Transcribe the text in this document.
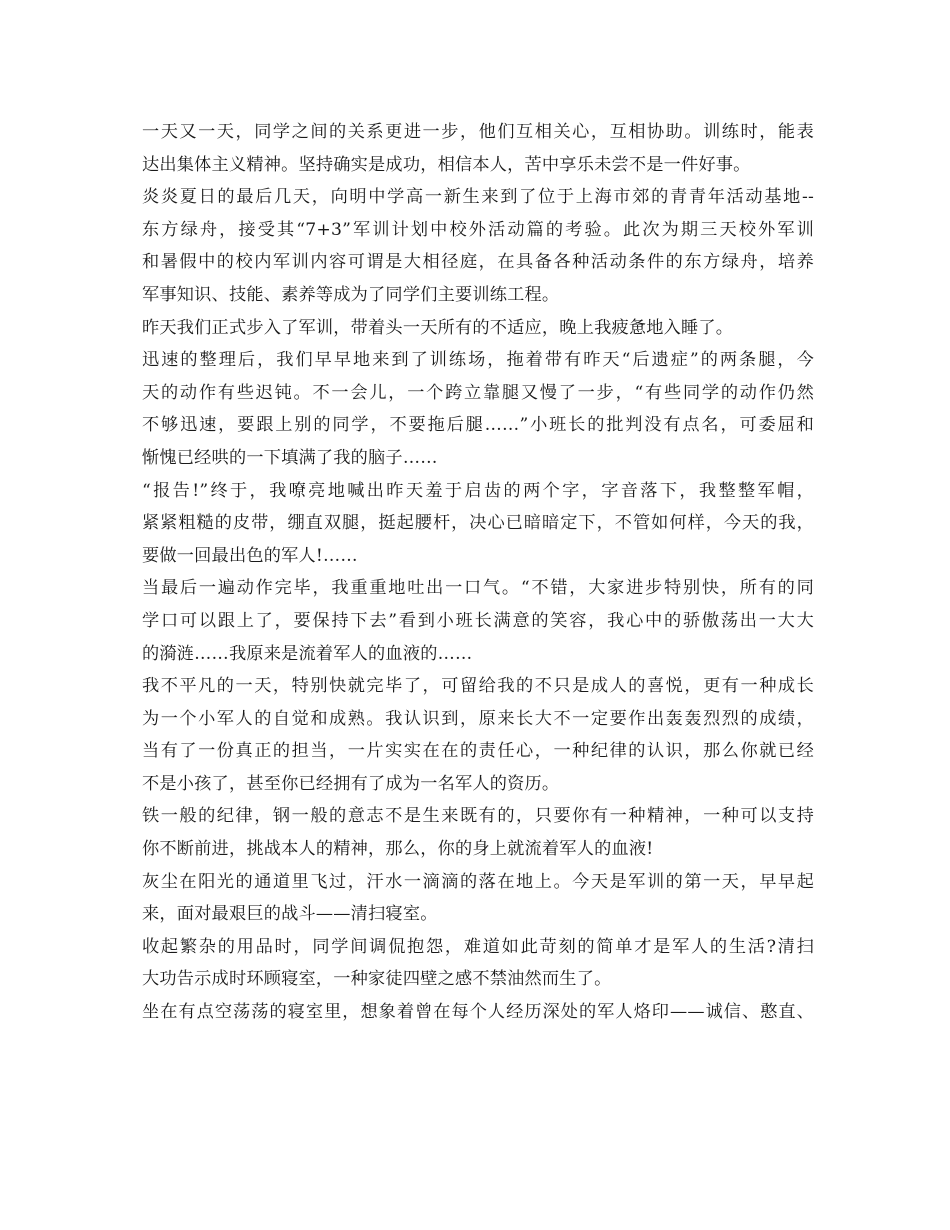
一天又一天，同学之间的关系更进一步，他们互相关心，互相协助。训练时，能表
达出集体主义精神。坚持确实是成功，相信本人，苦中享乐未尝不是一件好事。
炎炎夏日的最后几天，向明中学高一新生来到了位于上海市郊的青青年活动基地--
东方绿舟，接受其“7+3”军训计划中校外活动篇的考验。此次为期三天校外军训
和暑假中的校内军训内容可谓是大相径庭，在具备各种活动条件的东方绿舟，培养
军事知识、技能、素养等成为了同学们主要训练工程。
昨天我们正式步入了军训，带着头一天所有的不适应，晚上我疲惫地入睡了。
迅速的整理后，我们早早地来到了训练场，拖着带有昨天“后遗症”的两条腿，今
天的动作有些迟钝。不一会儿，一个跨立靠腿又慢了一步，“有些同学的动作仍然
不够迅速，要跟上别的同学，不要拖后腿……”小班长的批判没有点名，可委屈和
惭愧已经哄的一下填满了我的脑子……
“报告!”终于，我嘹亮地喊出昨天羞于启齿的两个字，字音落下，我整整军帽，
紧紧粗糙的皮带，绷直双腿，挺起腰杆，决心已暗暗定下，不管如何样，今天的我，
要做一回最出色的军人!……
当最后一遍动作完毕，我重重地吐出一口气。“不错，大家进步特别快，所有的同
学口可以跟上了，要保持下去”看到小班长满意的笑容，我心中的骄傲荡出一大大
的漪涟……我原来是流着军人的血液的……
我不平凡的一天，特别快就完毕了，可留给我的不只是成人的喜悦，更有一种成长
为一个小军人的自觉和成熟。我认识到，原来长大不一定要作出轰轰烈烈的成绩，
当有了一份真正的担当，一片实实在在的责任心，一种纪律的认识，那么你就已经
不是小孩了，甚至你已经拥有了成为一名军人的资历。
铁一般的纪律，钢一般的意志不是生来既有的，只要你有一种精神，一种可以支持
你不断前进，挑战本人的精神，那么，你的身上就流着军人的血液!
灰尘在阳光的通道里飞过，汗水一滴滴的落在地上。今天是军训的第一天，早早起
来，面对最艰巨的战斗——清扫寝室。
收起繁杂的用品时，同学间调侃抱怨，难道如此苛刻的简单才是军人的生活?清扫
大功告示成时环顾寝室，一种家徒四壁之感不禁油然而生了。
坐在有点空荡荡的寝室里，想象着曾在每个人经历深处的军人烙印——诚信、憨直、
